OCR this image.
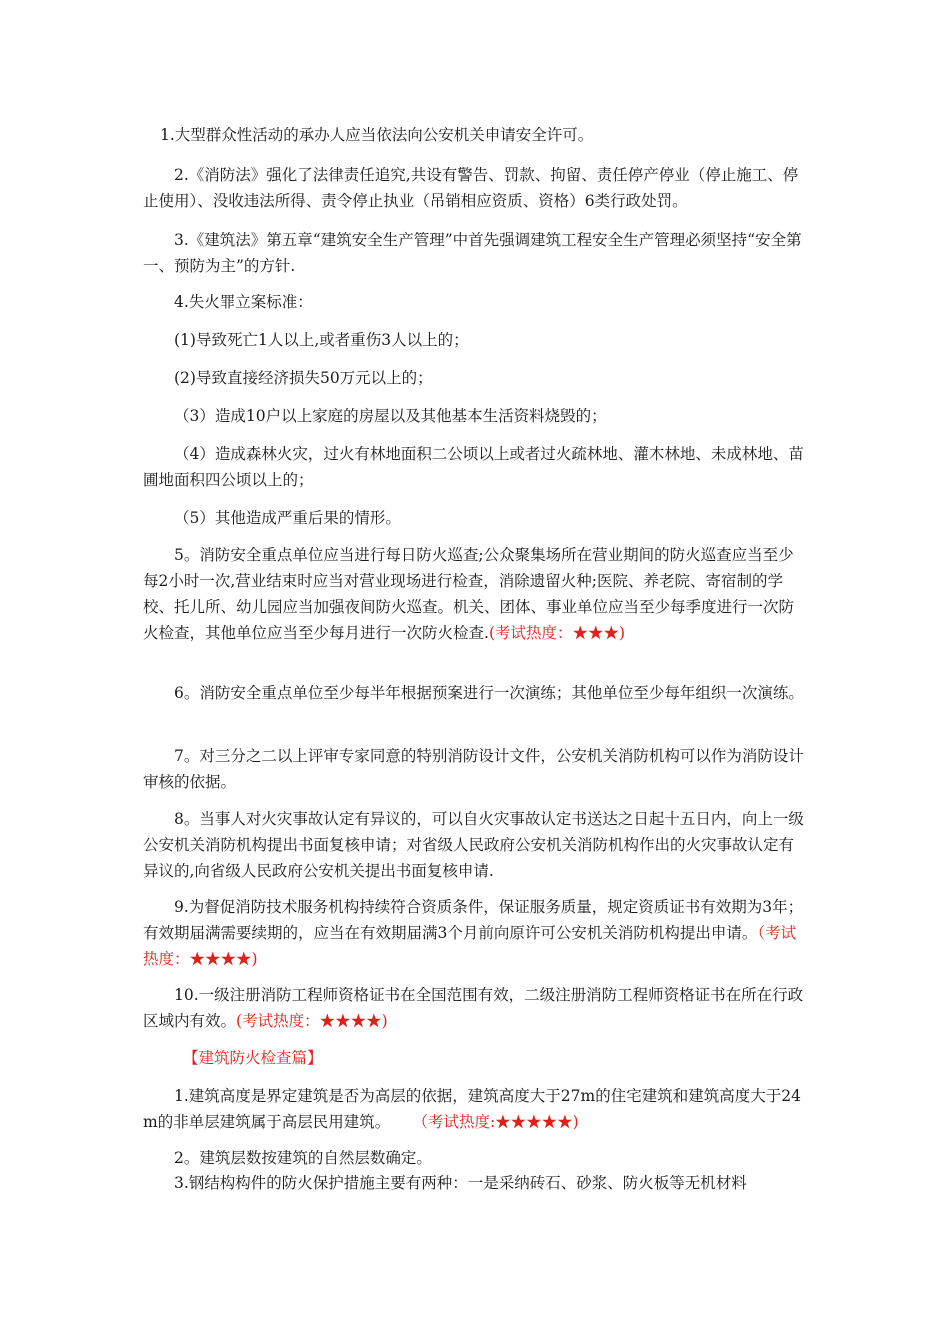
1.大型群众性活动的承办人应当依法向公安机关申请安全许可。

2.《消防法》强化了法律责任追究,共设有警告、罚款、拘留、责任停产停业（停止施工、停止使用）、没收违法所得、责令停止执业（吊销相应资质、资格）6类行政处罚。

3.《建筑法》第五章“建筑安全生产管理”中首先强调建筑工程安全生产管理必须坚持“安全第一、预防为主”的方针.

4.失火罪立案标准：

(1)导致死亡1人以上,或者重伤3人以上的；

(2)导致直接经济损失50万元以上的；

（3）造成10户以上家庭的房屋以及其他基本生活资料烧毁的；

（4）造成森林火灾，过火有林地面积二公顷以上或者过火疏林地、灌木林地、未成林地、苗圃地面积四公顷以上的；

（5）其他造成严重后果的情形。

5。消防安全重点单位应当进行每日防火巡查;公众聚集场所在营业期间的防火巡查应当至少每2小时一次,营业结束时应当对营业现场进行检查，消除遗留火种;医院、养老院、寄宿制的学校、托儿所、幼儿园应当加强夜间防火巡查。机关、团体、事业单位应当至少每季度进行一次防火检查，其他单位应当至少每月进行一次防火检查.(考试热度：★★★)

6。消防安全重点单位至少每半年根据预案进行一次演练；其他单位至少每年组织一次演练。

7。对三分之二以上评审专家同意的特别消防设计文件，公安机关消防机构可以作为消防设计审核的依据。

8。当事人对火灾事故认定有异议的，可以自火灾事故认定书送达之日起十五日内，向上一级公安机关消防机构提出书面复核申请；对省级人民政府公安机关消防机构作出的火灾事故认定有异议的,向省级人民政府公安机关提出书面复核申请.

9.为督促消防技术服务机构持续符合资质条件，保证服务质量，规定资质证书有效期为3年；有效期届满需要续期的，应当在有效期届满3个月前向原许可公安机关消防机构提出申请。（考试热度：★★★★)

10.一级注册消防工程师资格证书在全国范围有效，二级注册消防工程师资格证书在所在行政区域内有效。(考试热度：★★★★)

【建筑防火检查篇】

1.建筑高度是界定建筑是否为高层的依据，建筑高度大于27m的住宅建筑和建筑高度大于24m的非单层建筑属于高层民用建筑。 （考试热度:★★★★★)

2。建筑层数按建筑的自然层数确定。

3.钢结构构件的防火保护措施主要有两种：一是采纳砖石、砂浆、防火板等无机材料
